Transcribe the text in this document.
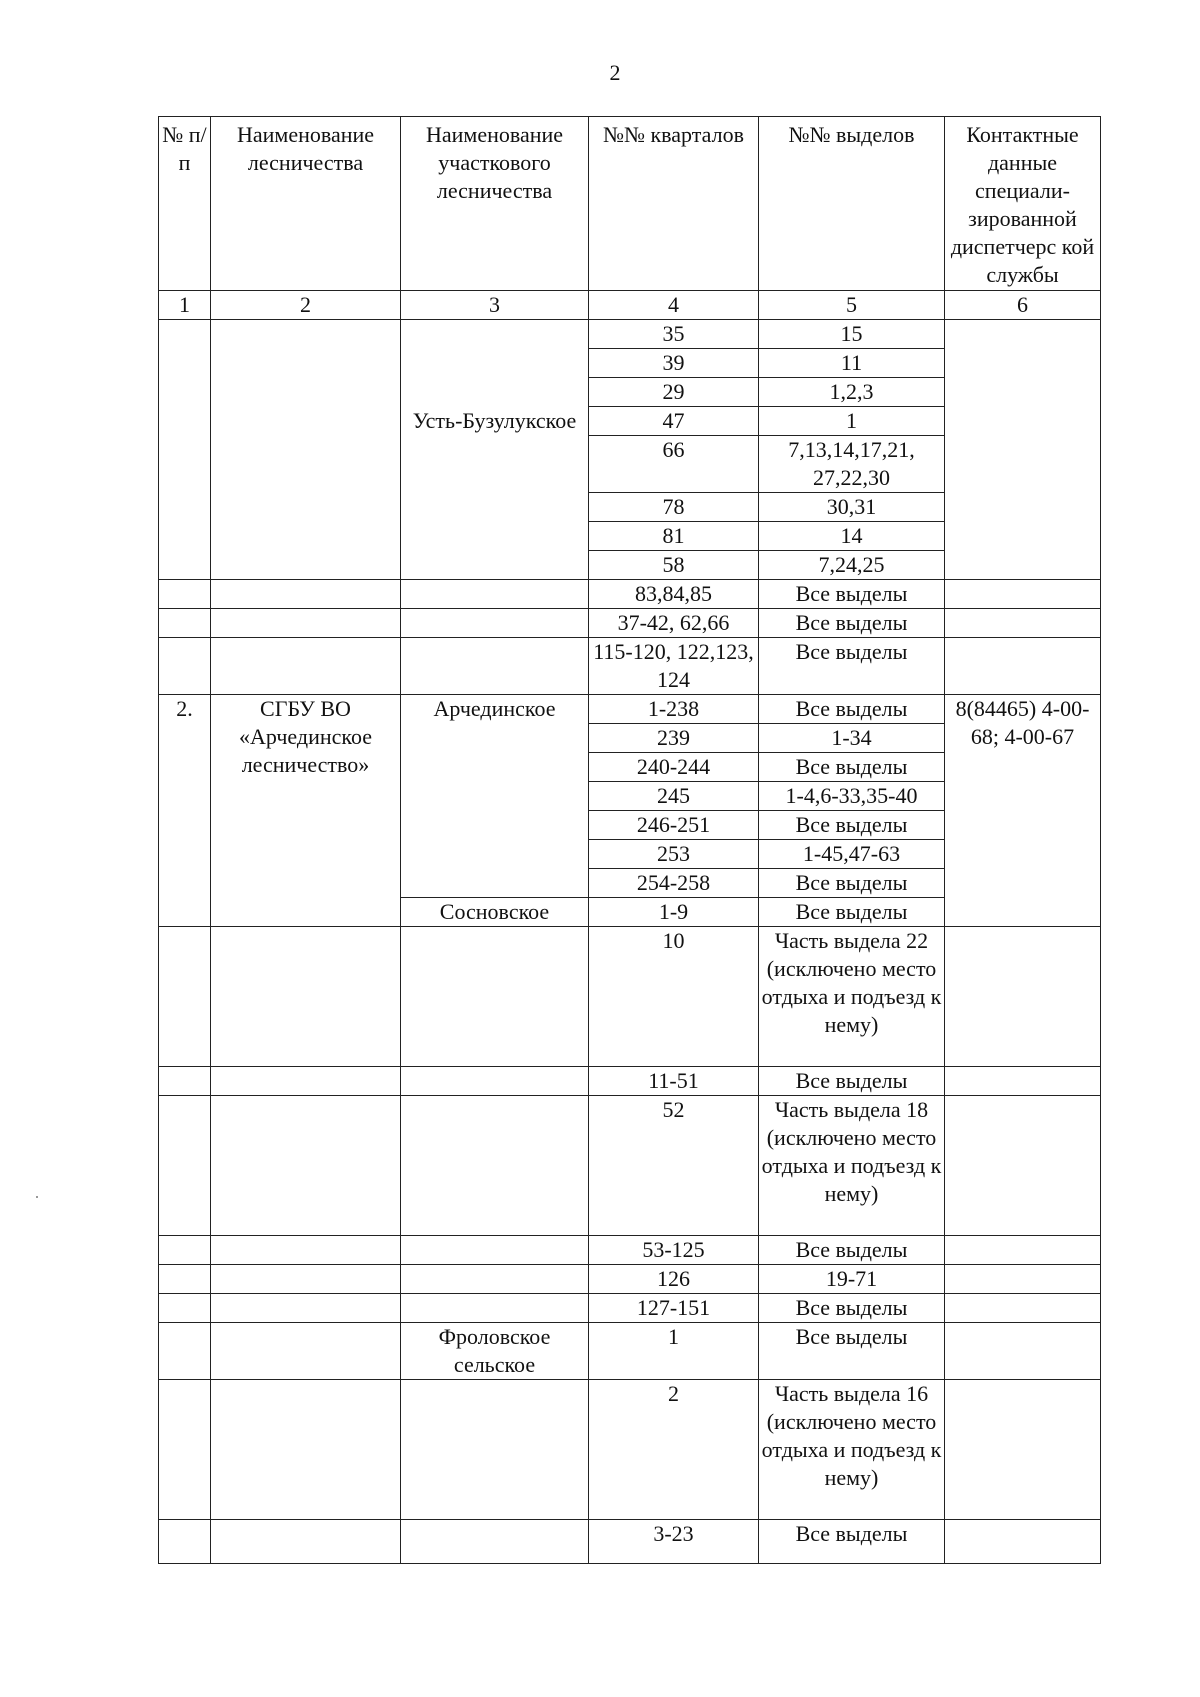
2
№ п/п	Наименование лесничества	Наименование участкового лесничества	№№ кварталов	№№ выделов	Контактные данные специали-зированной диспетчерс кой службы
1	2	3	4	5	6
		Усть-Бузулукское	35	15	
			39	11	
			29	1,2,3	
			47	1	
			66	7,13,14,17,21, 27,22,30	
			78	30,31	
			81	14	
			58	7,24,25	
			83,84,85	Все выделы	
			37-42, 62,66	Все выделы	
			115-120, 122,123, 124	Все выделы	
2.	СГБУ ВО «Арчединское лесничество»	Арчединское	1-238	Все выделы	8(84465) 4-00-68; 4-00-67
			239	1-34	
			240-244	Все выделы	
			245	1-4,6-33,35-40	
			246-251	Все выделы	
			253	1-45,47-63	
			254-258	Все выделы	
		Сосновское	1-9	Все выделы	
			10	Часть выдела 22 (исключено место отдыха и подъезд к нему)	
			11-51	Все выделы	
			52	Часть выдела 18 (исключено место отдыха и подъезд к нему)	
			53-125	Все выделы	
			126	19-71	
			127-151	Все выделы	
		Фроловское сельское	1	Все выделы	
			2	Часть выдела 16 (исключено место отдыха и подъезд к нему)	
			3-23	Все выделы	
